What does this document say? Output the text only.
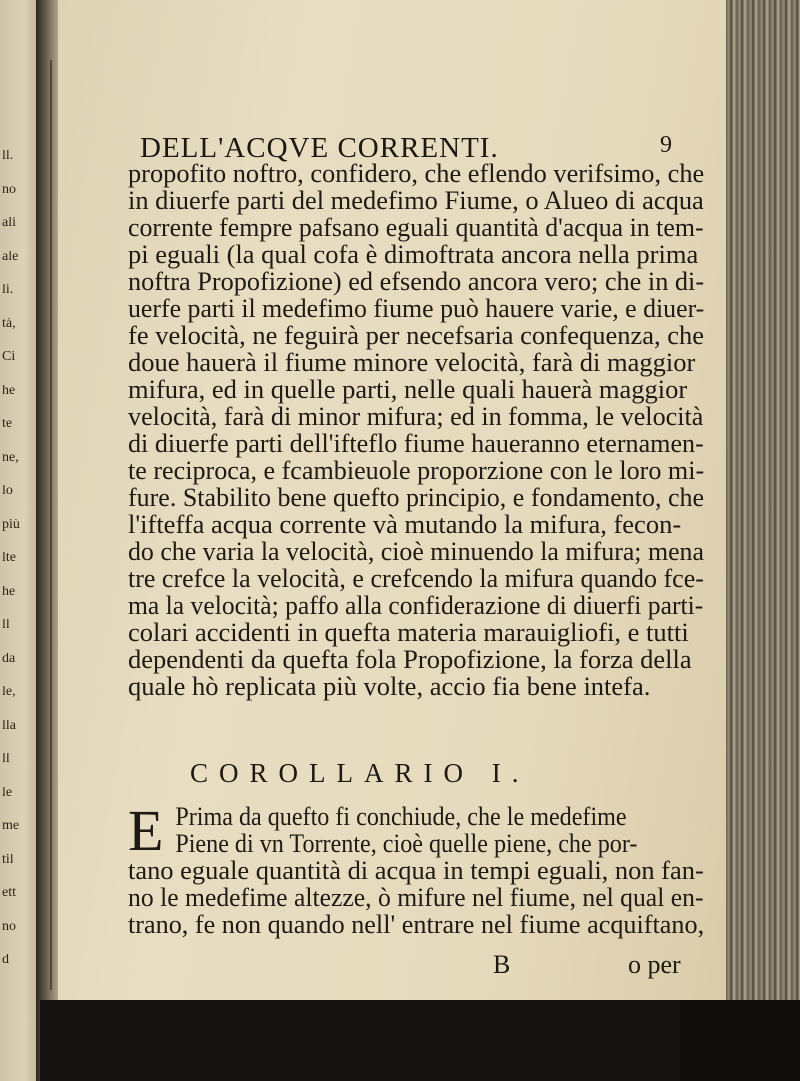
ll.
no
ali
ale
li.
tà,
Ci
he
te
ne,
lo
più
lte
he
ll
da
le,
lla
ll
le
me
til
ett
no
d
DELL'ACQVE CORRENTI.	9
propofito noftro, confidero, che eflendo verifsimo, che
in diuerfe parti del medefimo Fiume, o Alueo di acqua
corrente fempre pafsano eguali quantità d'acqua in tem-
pi eguali (la qual cofa è dimoftrata ancora nella prima
noftra Propofizione) ed efsendo ancora vero; che in di-
uerfe parti il medefimo fiume può hauere varie, e diuer-
fe velocità, ne feguirà per necefsaria confequenza, che
doue hauerà il fiume minore velocità, farà di maggior
mifura, ed in quelle parti, nelle quali hauerà maggior
velocità, farà di minor mifura; ed in fomma, le velocità
di diuerfe parti dell'ifteflo fiume haueranno eternamen-
te reciproca, e fcambieuole proporzione con le loro mi-
fure. Stabilito bene quefto principio, e fondamento, che
l'ifteffa acqua corrente và mutando la mifura, fecon-
do che varia la velocità, cioè minuendo la mifura; mena
tre crefce la velocità, e crefcendo la mifura quando fce-
ma la velocità; paffo alla confiderazione di diuerfi parti-
colari accidenti in quefta materia marauigliofi, e tutti
dependenti da quefta fola Propofizione, la forza della
quale hò replicata più volte, accio fia bene intefa.
COROLLARIO I.
E Prima da quefto fi conchiude, che le medefime
Piene di vn Torrente, cioè quelle piene, che por-
tano eguale quantità di acqua in tempi eguali, non fan-
no le medefime altezze, ò mifure nel fiume, nel qual en-
trano, fe non quando nell' entrare nel fiume acquiftano,
B	o per
